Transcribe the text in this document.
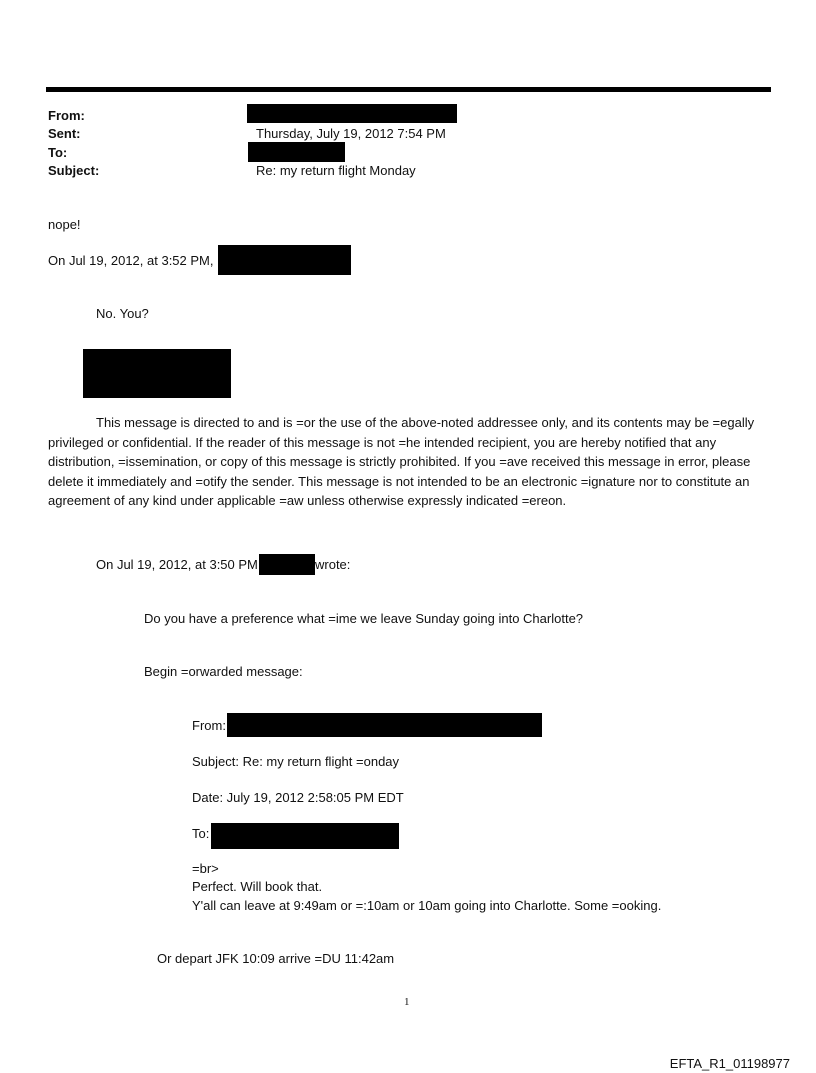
From:
Sent:	Thursday, July 19, 2012 7:54 PM
To:
Subject:	Re: my return flight Monday
nope!
On Jul 19, 2012, at 3:52 PM,
No. You?
This message is directed to and is =or the use of the above-noted addressee only, and its contents may be =egally privileged or confidential. If the reader of this message is not =he intended recipient, you are hereby notified that any distribution, =issemination, or copy of this message is strictly prohibited. If you =ave received this message in error, please delete it immediately and =otify the sender. This message is not intended to be an electronic =ignature nor to constitute an agreement of any kind under applicable =aw unless otherwise expressly indicated =ereon.
On Jul 19, 2012, at 3:50 PM	wrote:
Do you have a preference what =ime we leave Sunday going into Charlotte?
Begin =orwarded message:
From:
Subject: Re: my return flight =onday
Date: July 19, 2012 2:58:05 PM EDT
To:
=br>
Perfect. Will book that.
Y'all can leave at 9:49am or =:10am or 10am going into Charlotte. Some =ooking.
Or depart JFK 10:09 arrive =DU 11:42am
1
EFTA_R1_01198977
